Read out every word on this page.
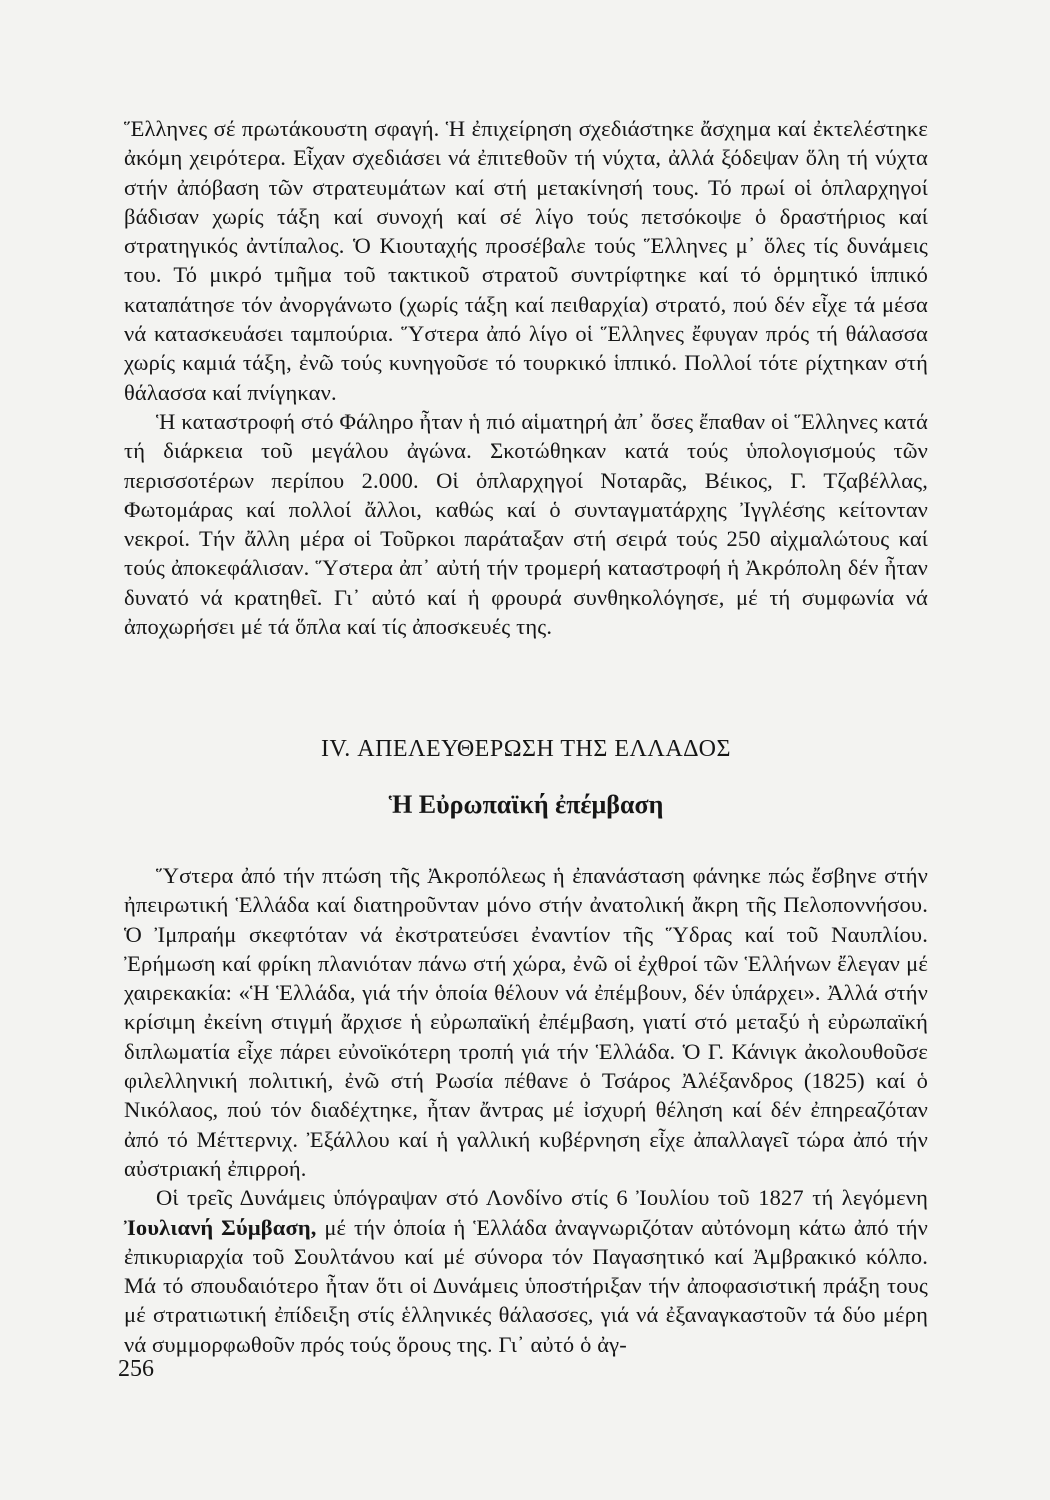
Ἕλληνες σέ πρωτάκουστη σφαγή. Ἡ ἐπιχείρηση σχεδιάστηκε ἄσχημα καί ἐκτελέστηκε ἀκόμη χειρότερα. Εἶχαν σχεδιάσει νά ἐπιτεθοῦν τή νύχτα, ἀλλά ξόδεψαν ὅλη τή νύχτα στήν ἀπόβαση τῶν στρατευμάτων καί στή μετακίνησή τους. Τό πρωί οἱ ὁπλαρχηγοί βάδισαν χωρίς τάξη καί συνοχή καί σέ λίγο τούς πετσόκοψε ὁ δραστήριος καί στρατηγικός ἀντίπαλος. Ὁ Κιουταχής προσέβαλε τούς Ἕλληνες μ᾽ ὅλες τίς δυνάμεις του. Τό μικρό τμῆμα τοῦ τακτικοῦ στρατοῦ συντρίφτηκε καί τό ὁρμητικό ἱππικό καταπάτησε τόν ἀνοργάνωτο (χωρίς τάξη καί πειθαρχία) στρατό, πού δέν εἶχε τά μέσα νά κατασκευάσει ταμπούρια. Ὕστερα ἀπό λίγο οἱ Ἕλληνες ἔφυγαν πρός τή θάλασσα χωρίς καμιά τάξη, ἐνῶ τούς κυνηγοῦσε τό τουρκικό ἱππικό. Πολλοί τότε ρίχτηκαν στή θάλασσα καί πνίγηκαν.

Ἡ καταστροφή στό Φάληρο ἦταν ἡ πιό αἱματηρή ἀπ᾽ ὅσες ἔπαθαν οἱ Ἕλληνες κατά τή διάρκεια τοῦ μεγάλου ἀγώνα. Σκοτώθηκαν κατά τούς ὑπολογισμούς τῶν περισσοτέρων περίπου 2.000. Οἱ ὁπλαρχηγοί Νοταρᾶς, Βέικος, Γ. Τζαβέλλας, Φωτομάρας καί πολλοί ἄλλοι, καθώς καί ὁ συνταγματάρχης Ἰγγλέσης κείτονταν νεκροί. Τήν ἄλλη μέρα οἱ Τοῦρκοι παράταξαν στή σειρά τούς 250 αἰχμαλώτους καί τούς ἀποκεφάλισαν. Ὕστερα ἀπ᾽ αὐτή τήν τρομερή καταστροφή ἡ Ἀκρόπολη δέν ἦταν δυνατό νά κρατηθεῖ. Γι᾽ αὐτό καί ἡ φρουρά συνθηκολόγησε, μέ τή συμφωνία νά ἀποχωρήσει μέ τά ὅπλα καί τίς ἀποσκευές της.

IV. ΑΠΕΛΕΥΘΕΡΩΣΗ ΤΗΣ ΕΛΛΑΔΟΣ
Ἡ Εὐρωπαϊκή ἐπέμβαση

Ὕστερα ἀπό τήν πτώση τῆς Ἀκροπόλεως ἡ ἐπανάσταση φάνηκε πώς ἔσβηνε στήν ἠπειρωτική Ἑλλάδα καί διατηροῦνταν μόνο στήν ἀνατολική ἄκρη τῆς Πελοποννήσου. Ὁ Ἰμπραήμ σκεφτόταν νά ἐκστρατεύσει ἐναντίον τῆς Ὕδρας καί τοῦ Ναυπλίου. Ἐρήμωση καί φρίκη πλανιόταν πάνω στή χώρα, ἐνῶ οἱ ἐχθροί τῶν Ἑλλήνων ἔλεγαν μέ χαιρεκακία: «Ἡ Ἑλλάδα, γιά τήν ὁποία θέλουν νά ἐπέμβουν, δέν ὑπάρχει». Ἀλλά στήν κρίσιμη ἐκείνη στιγμή ἄρχισε ἡ εὐρωπαϊκή ἐπέμβαση, γιατί στό μεταξύ ἡ εὐρωπαϊκή διπλωματία εἶχε πάρει εὐνοϊκότερη τροπή γιά τήν Ἑλλάδα. Ὁ Γ. Κάνιγκ ἀκολουθοῦσε φιλελληνική πολιτική, ἐνῶ στή Ρωσία πέθανε ὁ Τσάρος Ἀλέξανδρος (1825) καί ὁ Νικόλαος, πού τόν διαδέχτηκε, ἦταν ἄντρας μέ ἰσχυρή θέληση καί δέν ἐπηρεαζόταν ἀπό τό Μέττερνιχ. Ἐξάλλου καί ἡ γαλλική κυβέρνηση εἶχε ἀπαλλαγεῖ τώρα ἀπό τήν αὐστριακή ἐπιρροή.

Οἱ τρεῖς Δυνάμεις ὑπόγραψαν στό Λονδίνο στίς 6 Ἰουλίου τοῦ 1827 τή λεγόμενη Ἰουλιανή Σύμβαση, μέ τήν ὁποία ἡ Ἑλλάδα ἀναγνωριζόταν αὐτόνομη κάτω ἀπό τήν ἐπικυριαρχία τοῦ Σουλτάνου καί μέ σύνορα τόν Παγασητικό καί Ἀμβρακικό κόλπο. Μά τό σπουδαιότερο ἦταν ὅτι οἱ Δυνάμεις ὑποστήριξαν τήν ἀποφασιστική πράξη τους μέ στρατιωτική ἐπίδειξη στίς ἑλληνικές θάλασσες, γιά νά ἐξαναγκαστοῦν τά δύο μέρη νά συμμορφωθοῦν πρός τούς ὅρους της. Γι᾽ αὐτό ὁ ἀγ-

256
